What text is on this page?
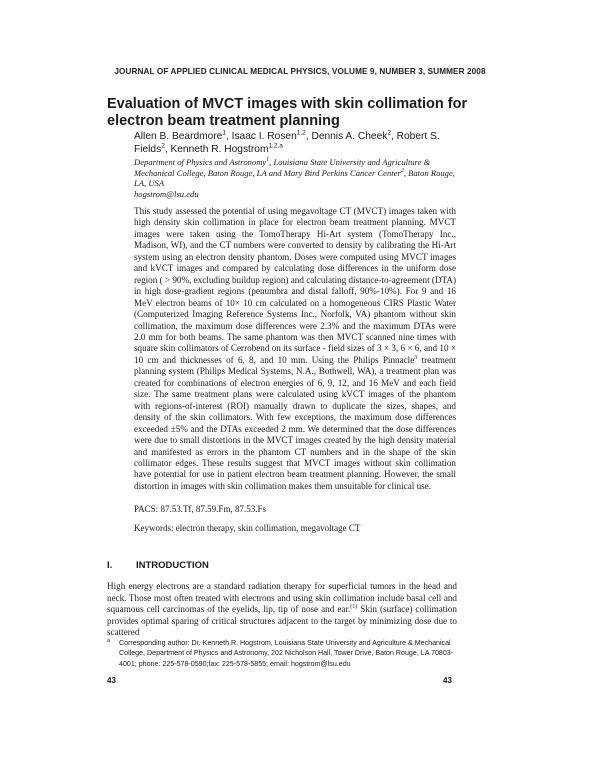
JOURNAL OF APPLIED CLINICAL MEDICAL PHYSICS, VOLUME 9, NUMBER 3, SUMMER 2008
Evaluation of MVCT images with skin collimation for electron beam treatment planning
Allen B. Beardmore$^1$, Isaac I. Rosen$^{1,2}$, Dennis A. Cheek$^2$, Robert S. Fields$^2$, Kenneth R. Hogstrom$^{1,2,a}$
Department of Physics and Astronomy$^1$, Louisiana State University and Agriculture & Mechanical College, Baton Rouge, LA and Mary Bird Perkins Cancer Center$^2$, Baton Rouge, LA, USA
hogstrom@lsu.edu
This study assessed the potential of using megavoltage CT (MVCT) images taken with high density skin collimation in place for electron beam treatment planning. MVCT images were taken using the TomoTherapy Hi-Art system (TomoTherapy Inc., Madison, WI), and the CT numbers were converted to density by calibrating the Hi-Art system using an electron density phantom. Doses were computed using MVCT images and kVCT images and compared by calculating dose differences in the uniform dose region ( > 90%, excluding buildup region) and calculating distance-to-agreement (DTA) in high dose-gradient regions (penumbra and distal falloff, 90%-10%). For 9 and 16 MeV electron beams of 10× 10 cm calculated on a homogeneous CIRS Plastic Water (Computerized Imaging Reference Systems Inc., Norfolk, VA) phantom without skin collimation, the maximum dose differences were 2.3% and the maximum DTAs were 2.0 mm for both beams. The same phantom was then MVCT scanned nine times with square skin collimators of Cerrobend on its surface - field sizes of 3 × 3, 6 × 6, and 10 × 10 cm and thicknesses of 6, 8, and 10 mm. Using the Philips Pinnacle$^3$ treatment planning system (Philips Medical Systems, N.A., Bothwell, WA), a treatment plan was created for combinations of electron energies of 6, 9, 12, and 16 MeV and each field size. The same treatment plans were calculated using kVCT images of the phantom with regions-of-interest (ROI) manually drawn to duplicate the sizes, shapes, and density of the skin collimators. With few exceptions, the maximum dose differences exceeded ±5% and the DTAs exceeded 2 mm. We determined that the dose differences were due to small distortions in the MVCT images created by the high density material and manifested as errors in the phantom CT numbers and in the shape of the skin collimator edges. These results suggest that MVCT images without skin collimation have potential for use in patient electron beam treatment planning. However, the small distortion in images with skin collimation makes them unsuitable for clinical use.
PACS: 87.53.Tf, 87.59.Fm, 87.53.Fs
Keywords: electron therapy, skin collimation, megavoltage CT
I. INTRODUCTION
High energy electrons are a standard radiation therapy for superficial tumors in the head and neck. Those most often treated with electrons and using skin collimation include basal cell and squamous cell carcinomas of the eyelids, lip, tip of nose and ear.$^{(1)}$ Skin (surface) collimation provides optimal sparing of critical structures adjacent to the target by minimizing dose due to scattered
a Corresponding author: Dr. Kenneth R. Hogstrom, Louisiana State University and Agriculture & Mechanical College, Department of Physics and Astronomy, 202 Nicholson Hall, Tower Drive, Baton Rouge, LA 70803-4001; phone: 225-578-0590;fax: 225-578-5855; email: hogstrom@lsu.edu
43	43
